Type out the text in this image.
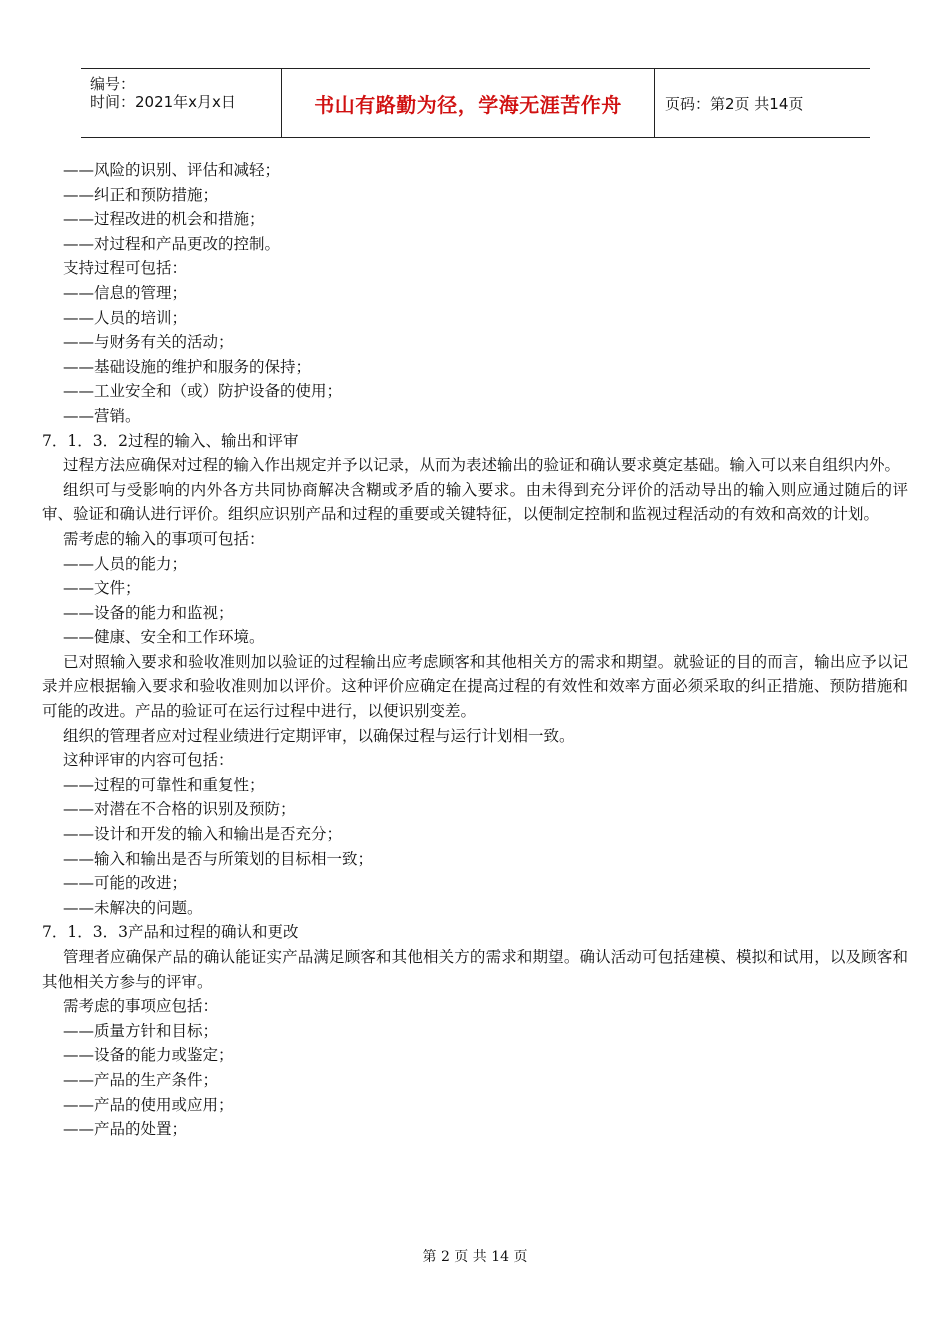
编号：
时间：2021年x月x日	书山有路勤为径，学海无涯苦作舟	页码：第2页 共14页
——风险的识别、评估和减轻；
——纠正和预防措施；
——过程改进的机会和措施；
——对过程和产品更改的控制。
支持过程可包括：
——信息的管理；
——人员的培训；
——与财务有关的活动；
——基础设施的维护和服务的保持；
——工业安全和（或）防护设备的使用；
——营销。
7．1．3．2过程的输入、输出和评审
过程方法应确保对过程的输入作出规定并予以记录，从而为表述输出的验证和确认要求奠定基础。输入可以来自组织内外。
组织可与受影响的内外各方共同协商解决含糊或矛盾的输入要求。由未得到充分评价的活动导出的输入则应通过随后的评审、验证和确认进行评价。组织应识别产品和过程的重要或关键特征，以便制定控制和监视过程活动的有效和高效的计划。
需考虑的输入的事项可包括：
——人员的能力；
——文件；
——设备的能力和监视；
——健康、安全和工作环境。
已对照输入要求和验收准则加以验证的过程输出应考虑顾客和其他相关方的需求和期望。就验证的目的而言，输出应予以记录并应根据输入要求和验收准则加以评价。这种评价应确定在提高过程的有效性和效率方面必须采取的纠正措施、预防措施和可能的改进。产品的验证可在运行过程中进行，以便识别变差。
组织的管理者应对过程业绩进行定期评审，以确保过程与运行计划相一致。
这种评审的内容可包括：
——过程的可靠性和重复性；
——对潜在不合格的识别及预防；
——设计和开发的输入和输出是否充分；
——输入和输出是否与所策划的目标相一致；
——可能的改进；
——未解决的问题。
7．1．3．3产品和过程的确认和更改
管理者应确保产品的确认能证实产品满足顾客和其他相关方的需求和期望。确认活动可包括建模、模拟和试用，以及顾客和其他相关方参与的评审。
需考虑的事项应包括：
——质量方针和目标；
——设备的能力或鉴定；
——产品的生产条件；
——产品的使用或应用；
——产品的处置；
第 2 页 共 14 页
